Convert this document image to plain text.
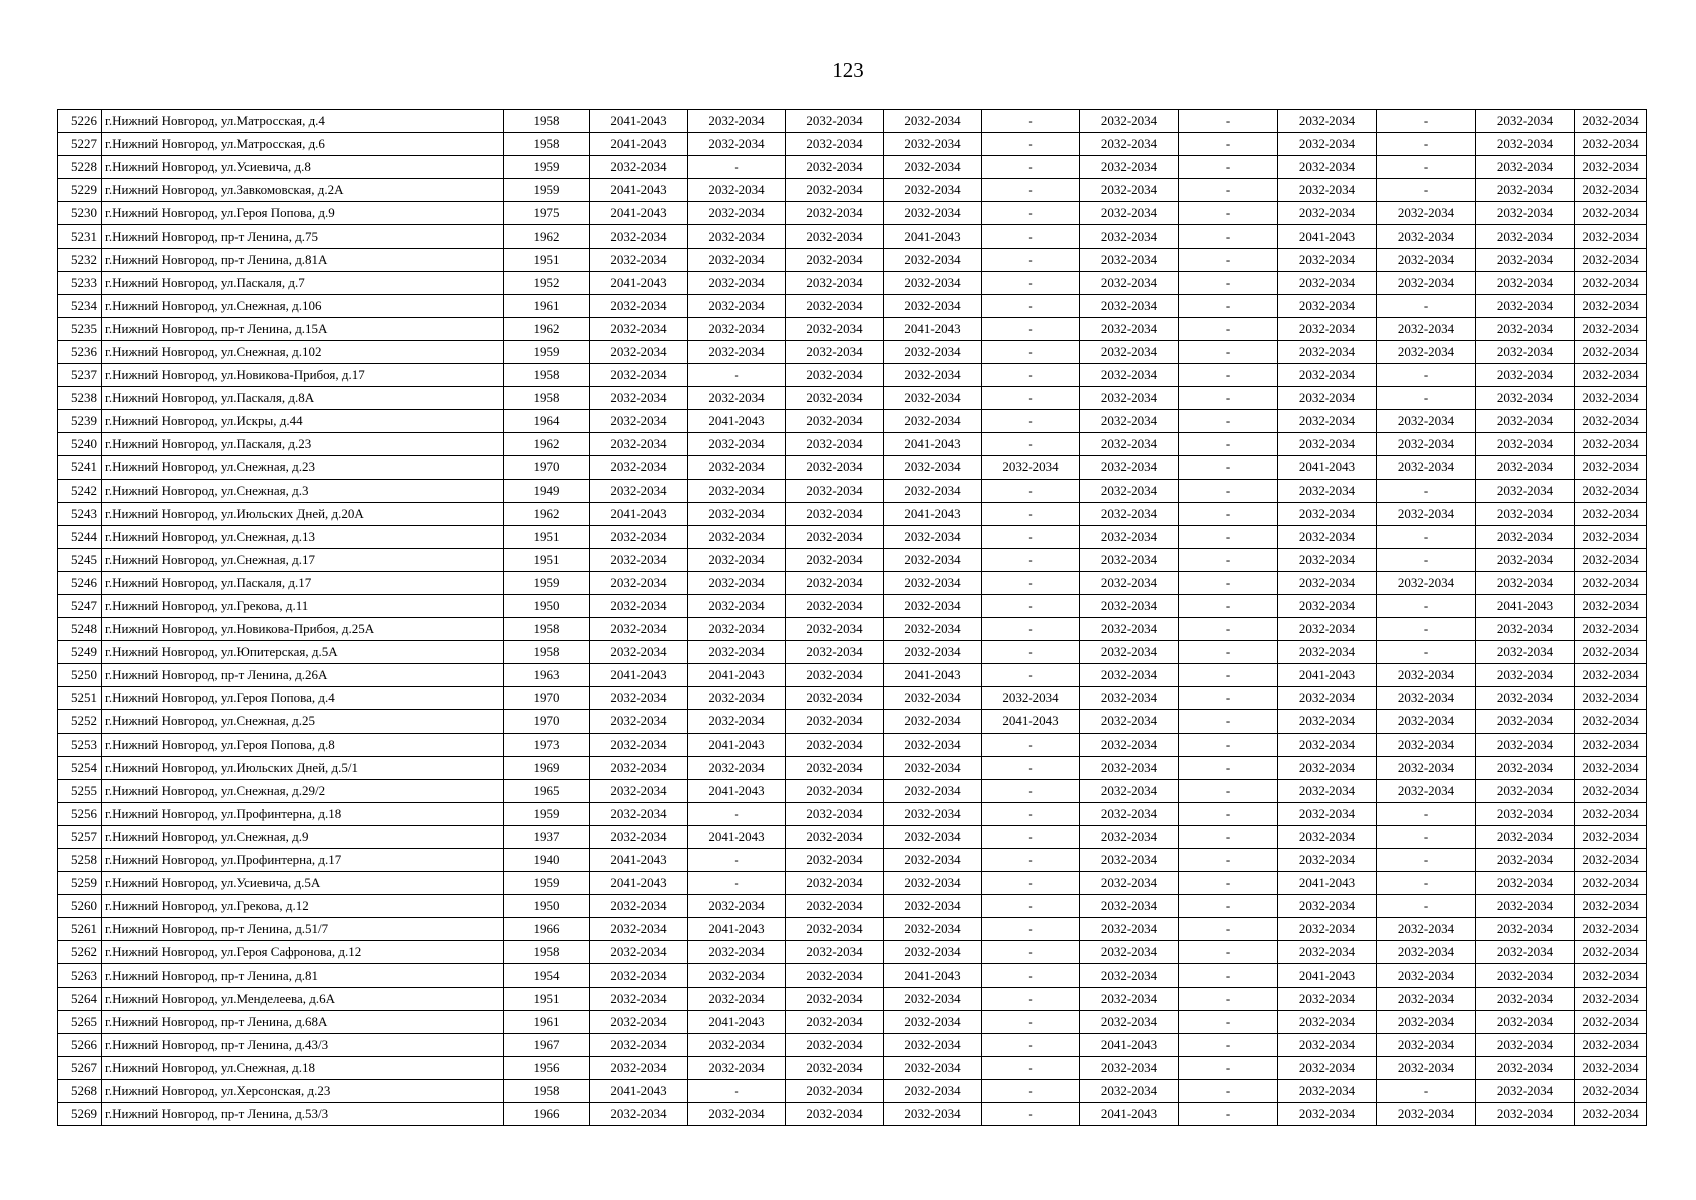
123
5226	г.Нижний Новгород, ул.Матросская, д.4	1958	2041-2043	2032-2034	2032-2034	2032-2034	-	2032-2034	-	2032-2034	-	2032-2034	2032-2034
5227	г.Нижний Новгород, ул.Матросская, д.6	1958	2041-2043	2032-2034	2032-2034	2032-2034	-	2032-2034	-	2032-2034	-	2032-2034	2032-2034
5228	г.Нижний Новгород, ул.Усиевича, д.8	1959	2032-2034	-	2032-2034	2032-2034	-	2032-2034	-	2032-2034	-	2032-2034	2032-2034
5229	г.Нижний Новгород, ул.Завкомовская, д.2А	1959	2041-2043	2032-2034	2032-2034	2032-2034	-	2032-2034	-	2032-2034	-	2032-2034	2032-2034
5230	г.Нижний Новгород, ул.Героя Попова, д.9	1975	2041-2043	2032-2034	2032-2034	2032-2034	-	2032-2034	-	2032-2034	2032-2034	2032-2034	2032-2034
5231	г.Нижний Новгород, пр-т Ленина, д.75	1962	2032-2034	2032-2034	2032-2034	2041-2043	-	2032-2034	-	2041-2043	2032-2034	2032-2034	2032-2034
5232	г.Нижний Новгород, пр-т Ленина, д.81А	1951	2032-2034	2032-2034	2032-2034	2032-2034	-	2032-2034	-	2032-2034	2032-2034	2032-2034	2032-2034
5233	г.Нижний Новгород, ул.Паскаля, д.7	1952	2041-2043	2032-2034	2032-2034	2032-2034	-	2032-2034	-	2032-2034	2032-2034	2032-2034	2032-2034
5234	г.Нижний Новгород, ул.Снежная, д.106	1961	2032-2034	2032-2034	2032-2034	2032-2034	-	2032-2034	-	2032-2034	-	2032-2034	2032-2034
5235	г.Нижний Новгород, пр-т Ленина, д.15А	1962	2032-2034	2032-2034	2032-2034	2041-2043	-	2032-2034	-	2032-2034	2032-2034	2032-2034	2032-2034
5236	г.Нижний Новгород, ул.Снежная, д.102	1959	2032-2034	2032-2034	2032-2034	2032-2034	-	2032-2034	-	2032-2034	2032-2034	2032-2034	2032-2034
5237	г.Нижний Новгород, ул.Новикова-Прибоя, д.17	1958	2032-2034	-	2032-2034	2032-2034	-	2032-2034	-	2032-2034	-	2032-2034	2032-2034
5238	г.Нижний Новгород, ул.Паскаля, д.8А	1958	2032-2034	2032-2034	2032-2034	2032-2034	-	2032-2034	-	2032-2034	-	2032-2034	2032-2034
5239	г.Нижний Новгород, ул.Искры, д.44	1964	2032-2034	2041-2043	2032-2034	2032-2034	-	2032-2034	-	2032-2034	2032-2034	2032-2034	2032-2034
5240	г.Нижний Новгород, ул.Паскаля, д.23	1962	2032-2034	2032-2034	2032-2034	2041-2043	-	2032-2034	-	2032-2034	2032-2034	2032-2034	2032-2034
5241	г.Нижний Новгород, ул.Снежная, д.23	1970	2032-2034	2032-2034	2032-2034	2032-2034	2032-2034	2032-2034	-	2041-2043	2032-2034	2032-2034	2032-2034
5242	г.Нижний Новгород, ул.Снежная, д.3	1949	2032-2034	2032-2034	2032-2034	2032-2034	-	2032-2034	-	2032-2034	-	2032-2034	2032-2034
5243	г.Нижний Новгород, ул.Июльских Дней, д.20А	1962	2041-2043	2032-2034	2032-2034	2041-2043	-	2032-2034	-	2032-2034	2032-2034	2032-2034	2032-2034
5244	г.Нижний Новгород, ул.Снежная, д.13	1951	2032-2034	2032-2034	2032-2034	2032-2034	-	2032-2034	-	2032-2034	-	2032-2034	2032-2034
5245	г.Нижний Новгород, ул.Снежная, д.17	1951	2032-2034	2032-2034	2032-2034	2032-2034	-	2032-2034	-	2032-2034	-	2032-2034	2032-2034
5246	г.Нижний Новгород, ул.Паскаля, д.17	1959	2032-2034	2032-2034	2032-2034	2032-2034	-	2032-2034	-	2032-2034	2032-2034	2032-2034	2032-2034
5247	г.Нижний Новгород, ул.Грекова, д.11	1950	2032-2034	2032-2034	2032-2034	2032-2034	-	2032-2034	-	2032-2034	-	2041-2043	2032-2034
5248	г.Нижний Новгород, ул.Новикова-Прибоя, д.25А	1958	2032-2034	2032-2034	2032-2034	2032-2034	-	2032-2034	-	2032-2034	-	2032-2034	2032-2034
5249	г.Нижний Новгород, ул.Юпитерская, д.5А	1958	2032-2034	2032-2034	2032-2034	2032-2034	-	2032-2034	-	2032-2034	-	2032-2034	2032-2034
5250	г.Нижний Новгород, пр-т Ленина, д.26А	1963	2041-2043	2041-2043	2032-2034	2041-2043	-	2032-2034	-	2041-2043	2032-2034	2032-2034	2032-2034
5251	г.Нижний Новгород, ул.Героя Попова, д.4	1970	2032-2034	2032-2034	2032-2034	2032-2034	2032-2034	2032-2034	-	2032-2034	2032-2034	2032-2034	2032-2034
5252	г.Нижний Новгород, ул.Снежная, д.25	1970	2032-2034	2032-2034	2032-2034	2032-2034	2041-2043	2032-2034	-	2032-2034	2032-2034	2032-2034	2032-2034
5253	г.Нижний Новгород, ул.Героя Попова, д.8	1973	2032-2034	2041-2043	2032-2034	2032-2034	-	2032-2034	-	2032-2034	2032-2034	2032-2034	2032-2034
5254	г.Нижний Новгород, ул.Июльских Дней, д.5/1	1969	2032-2034	2032-2034	2032-2034	2032-2034	-	2032-2034	-	2032-2034	2032-2034	2032-2034	2032-2034
5255	г.Нижний Новгород, ул.Снежная, д.29/2	1965	2032-2034	2041-2043	2032-2034	2032-2034	-	2032-2034	-	2032-2034	2032-2034	2032-2034	2032-2034
5256	г.Нижний Новгород, ул.Профинтерна, д.18	1959	2032-2034	-	2032-2034	2032-2034	-	2032-2034	-	2032-2034	-	2032-2034	2032-2034
5257	г.Нижний Новгород, ул.Снежная, д.9	1937	2032-2034	2041-2043	2032-2034	2032-2034	-	2032-2034	-	2032-2034	-	2032-2034	2032-2034
5258	г.Нижний Новгород, ул.Профинтерна, д.17	1940	2041-2043	-	2032-2034	2032-2034	-	2032-2034	-	2032-2034	-	2032-2034	2032-2034
5259	г.Нижний Новгород, ул.Усиевича, д.5А	1959	2041-2043	-	2032-2034	2032-2034	-	2032-2034	-	2041-2043	-	2032-2034	2032-2034
5260	г.Нижний Новгород, ул.Грекова, д.12	1950	2032-2034	2032-2034	2032-2034	2032-2034	-	2032-2034	-	2032-2034	-	2032-2034	2032-2034
5261	г.Нижний Новгород, пр-т Ленина, д.51/7	1966	2032-2034	2041-2043	2032-2034	2032-2034	-	2032-2034	-	2032-2034	2032-2034	2032-2034	2032-2034
5262	г.Нижний Новгород, ул.Героя Сафронова, д.12	1958	2032-2034	2032-2034	2032-2034	2032-2034	-	2032-2034	-	2032-2034	2032-2034	2032-2034	2032-2034
5263	г.Нижний Новгород, пр-т Ленина, д.81	1954	2032-2034	2032-2034	2032-2034	2041-2043	-	2032-2034	-	2041-2043	2032-2034	2032-2034	2032-2034
5264	г.Нижний Новгород, ул.Менделеева, д.6А	1951	2032-2034	2032-2034	2032-2034	2032-2034	-	2032-2034	-	2032-2034	2032-2034	2032-2034	2032-2034
5265	г.Нижний Новгород, пр-т Ленина, д.68А	1961	2032-2034	2041-2043	2032-2034	2032-2034	-	2032-2034	-	2032-2034	2032-2034	2032-2034	2032-2034
5266	г.Нижний Новгород, пр-т Ленина, д.43/3	1967	2032-2034	2032-2034	2032-2034	2032-2034	-	2041-2043	-	2032-2034	2032-2034	2032-2034	2032-2034
5267	г.Нижний Новгород, ул.Снежная, д.18	1956	2032-2034	2032-2034	2032-2034	2032-2034	-	2032-2034	-	2032-2034	2032-2034	2032-2034	2032-2034
5268	г.Нижний Новгород, ул.Херсонская, д.23	1958	2041-2043	-	2032-2034	2032-2034	-	2032-2034	-	2032-2034	-	2032-2034	2032-2034
5269	г.Нижний Новгород, пр-т Ленина, д.53/3	1966	2032-2034	2032-2034	2032-2034	2032-2034	-	2041-2043	-	2032-2034	2032-2034	2032-2034	2032-2034
